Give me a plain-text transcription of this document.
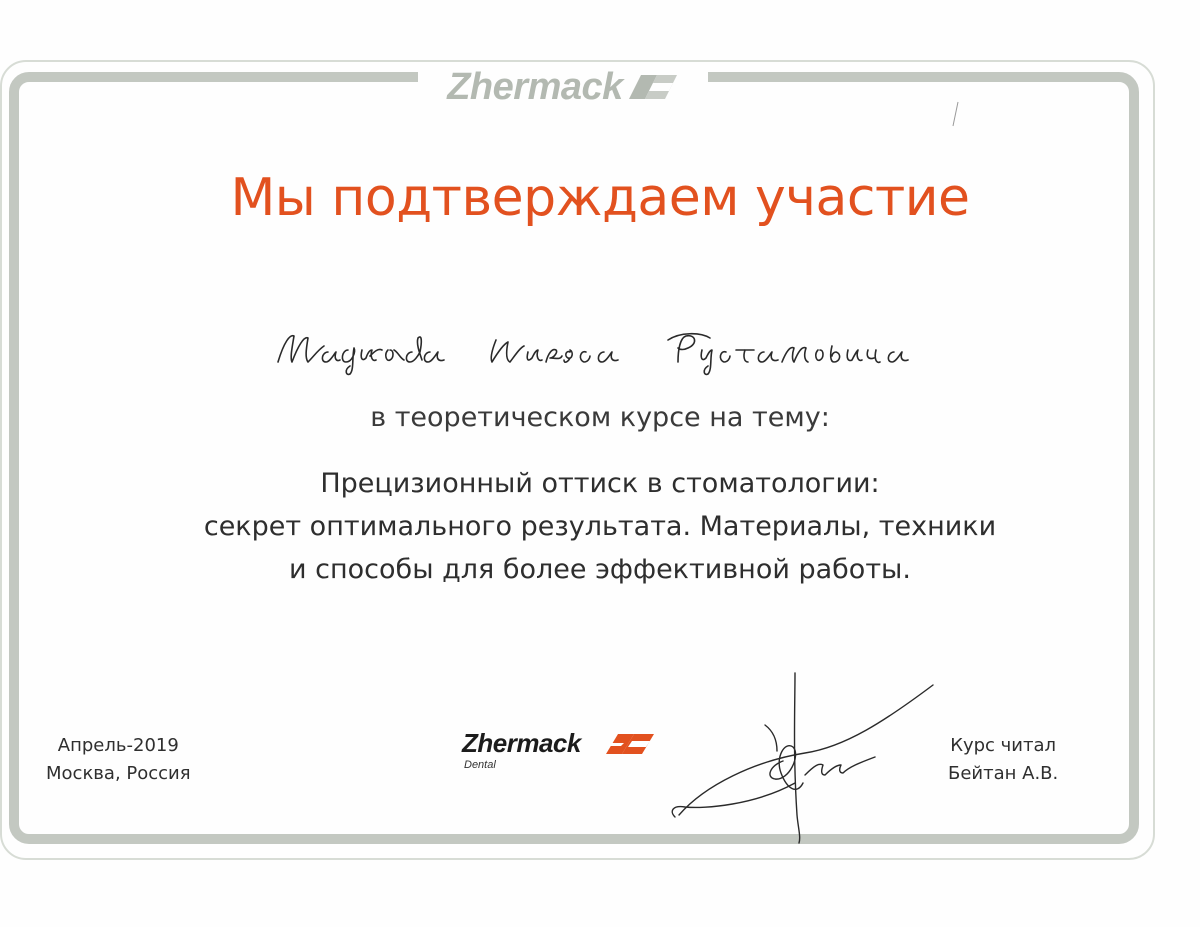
Zhermack
Мы подтверждаем участие
в теоретическом курсе на тему:
Прецизионный оттиск в стоматологии:
секрет оптимального результата. Материалы, техники
и способы для более эффективной работы.
Апрель-2019
Москва, Россия
Zhermack
Dental
Курс читал
Бейтан А.В.
